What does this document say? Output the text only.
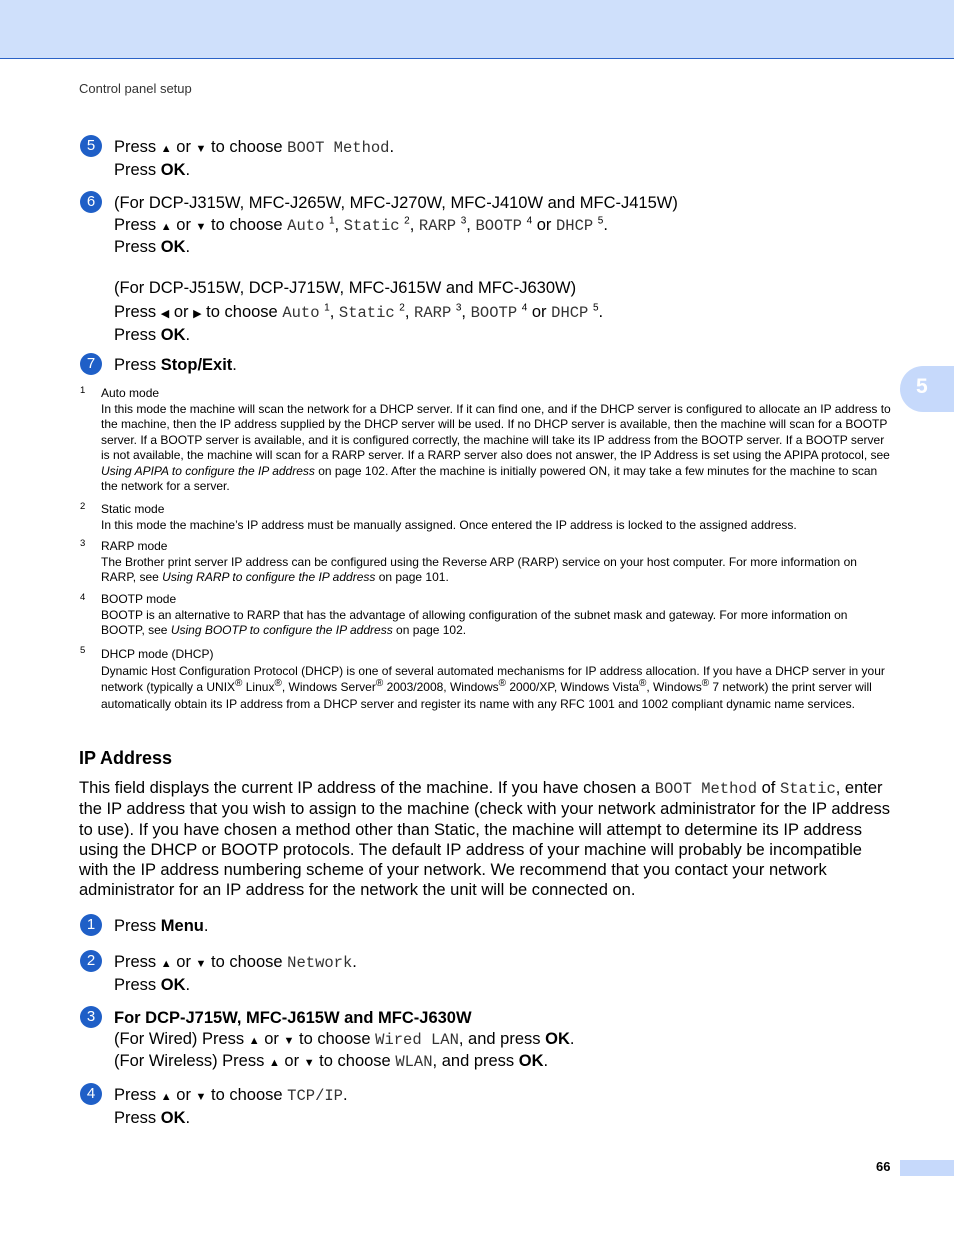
Control panel setup
5
5	Press ▲ or ▼ to choose BOOT Method.
Press OK.
6	(For DCP-J315W, MFC-J265W, MFC-J270W, MFC-J410W and MFC-J415W)
Press ▲ or ▼ to choose Auto $^1$, Static $^2$, RARP $^3$, BOOTP $^4$ or DHCP $^5$.
Press OK.
(For DCP-J515W, DCP-J715W, MFC-J615W and MFC-J630W)
Press ◀ or ▶ to choose Auto $^1$, Static $^2$, RARP $^3$, BOOTP $^4$ or DHCP $^5$.
Press OK.
7	Press Stop/Exit.
1 Auto mode
In this mode the machine will scan the network for a DHCP server. If it can find one, and if the DHCP server is configured to allocate an IP address to the machine, then the IP address supplied by the DHCP server will be used. If no DHCP server is available, then the machine will scan for a BOOTP server. If a BOOTP server is available, and it is configured correctly, the machine will take its IP address from the BOOTP server. If a BOOTP server is not available, the machine will scan for a RARP server. If a RARP server also does not answer, the IP Address is set using the APIPA protocol, see Using APIPA to configure the IP address on page 102. After the machine is initially powered ON, it may take a few minutes for the machine to scan the network for a server.
2 Static mode
In this mode the machine’s IP address must be manually assigned. Once entered the IP address is locked to the assigned address.
3 RARP mode
The Brother print server IP address can be configured using the Reverse ARP (RARP) service on your host computer. For more information on RARP, see Using RARP to configure the IP address on page 101.
4 BOOTP mode
BOOTP is an alternative to RARP that has the advantage of allowing configuration of the subnet mask and gateway. For more information on BOOTP, see Using BOOTP to configure the IP address on page 102.
5 DHCP mode (DHCP)
Dynamic Host Configuration Protocol (DHCP) is one of several automated mechanisms for IP address allocation. If you have a DHCP server in your network (typically a UNIX® Linux®, Windows Server® 2003/2008, Windows® 2000/XP, Windows Vista®, Windows® 7 network) the print server will automatically obtain its IP address from a DHCP server and register its name with any RFC 1001 and 1002 compliant dynamic name services.
IP Address
This field displays the current IP address of the machine. If you have chosen a BOOT Method of Static, enter the IP address that you wish to assign to the machine (check with your network administrator for the IP address to use). If you have chosen a method other than Static, the machine will attempt to determine its IP address using the DHCP or BOOTP protocols. The default IP address of your machine will probably be incompatible with the IP address numbering scheme of your network. We recommend that you contact your network administrator for an IP address for the network the unit will be connected on.
1	Press Menu.
2	Press ▲ or ▼ to choose Network.
Press OK.
3	For DCP-J715W, MFC-J615W and MFC-J630W
(For Wired) Press ▲ or ▼ to choose Wired LAN, and press OK.
(For Wireless) Press ▲ or ▼ to choose WLAN, and press OK.
4	Press ▲ or ▼ to choose TCP/IP.
Press OK.
66
